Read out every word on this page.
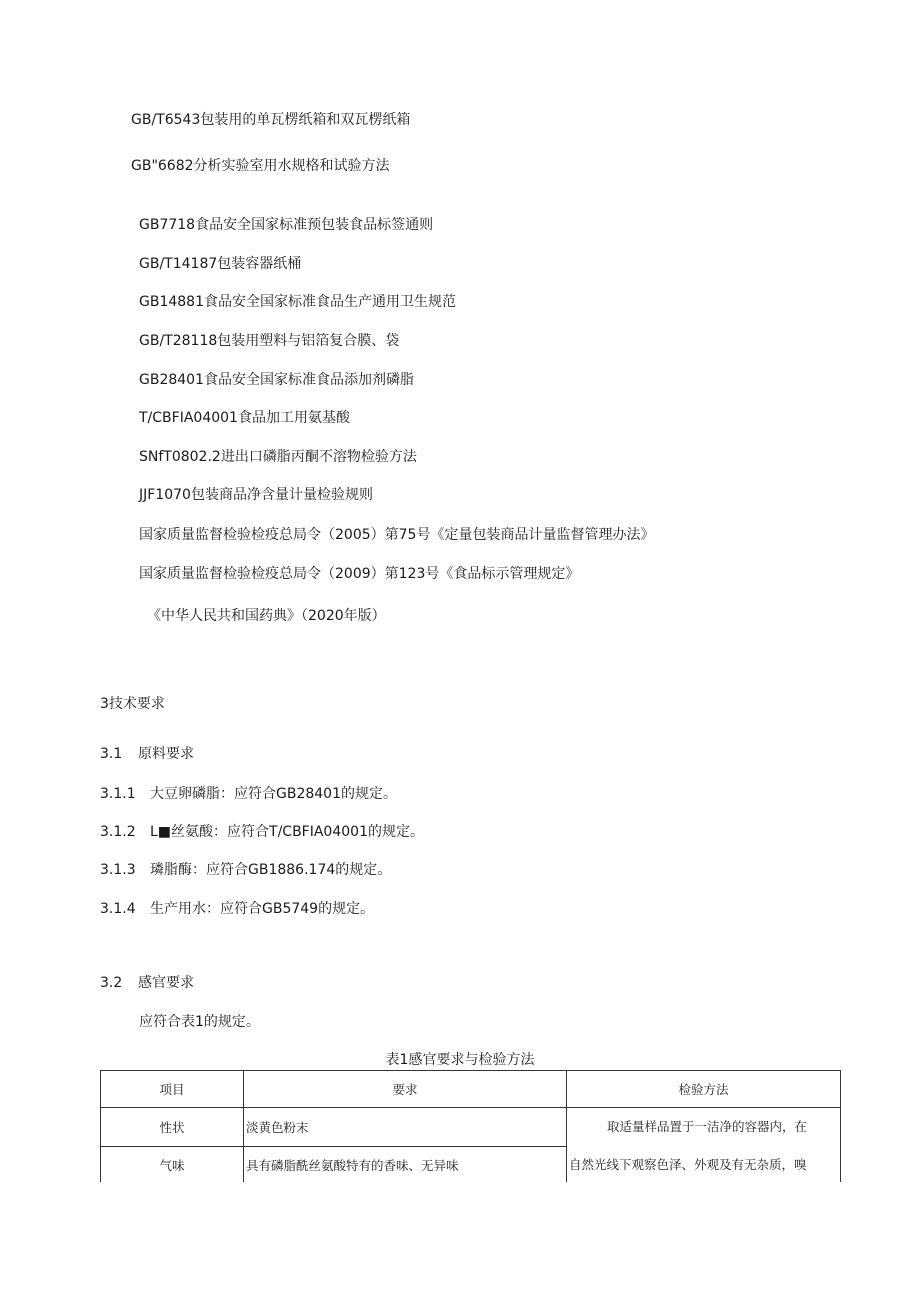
GB/T6543包装用的单瓦楞纸箱和双瓦楞纸箱
GB"6682分析实验室用水规格和试验方法
GB7718食品安全国家标准预包装食品标签通则
GB/T14187包装容器纸桶
GB14881食品安全国家标准食品生产通用卫生规范
GB/T28118包装用塑料与铝箔复合膜、袋
GB28401食品安全国家标准食品添加剂磷脂
T/CBFIA04001食品加工用氨基酸
SNfT0802.2进出口磷脂丙酮不溶物检验方法
JJF1070包装商品净含量计量检验规则
国家质量监督检验检疫总局令（2005）第75号《定量包装商品计量监督管理办法》
国家质量监督检验检疫总局令（2009）第123号《食品标示管理规定》
《中华人民共和国药典》（2020年版）
3技术要求
3.1 原料要求
3.1.1 大豆卵磷脂：应符合GB28401的规定。
3.1.2 L■丝氨酸：应符合T/CBFIA04001的规定。
3.1.3 璘脂酶：应符合GB1886.174的规定。
3.1.4 生产用水：应符合GB5749的规定。
3.2 感官要求
应符合表1的规定。
表1感官要求与检验方法
项目	要求	检验方法
性状	淡黄色粉末	取适量样品置于一洁净的容器内，在
自然光线下观察色泽、外观及有无杂质，嗅

气味	具有磷脂酰丝氨酸特有的香味、无异味	
